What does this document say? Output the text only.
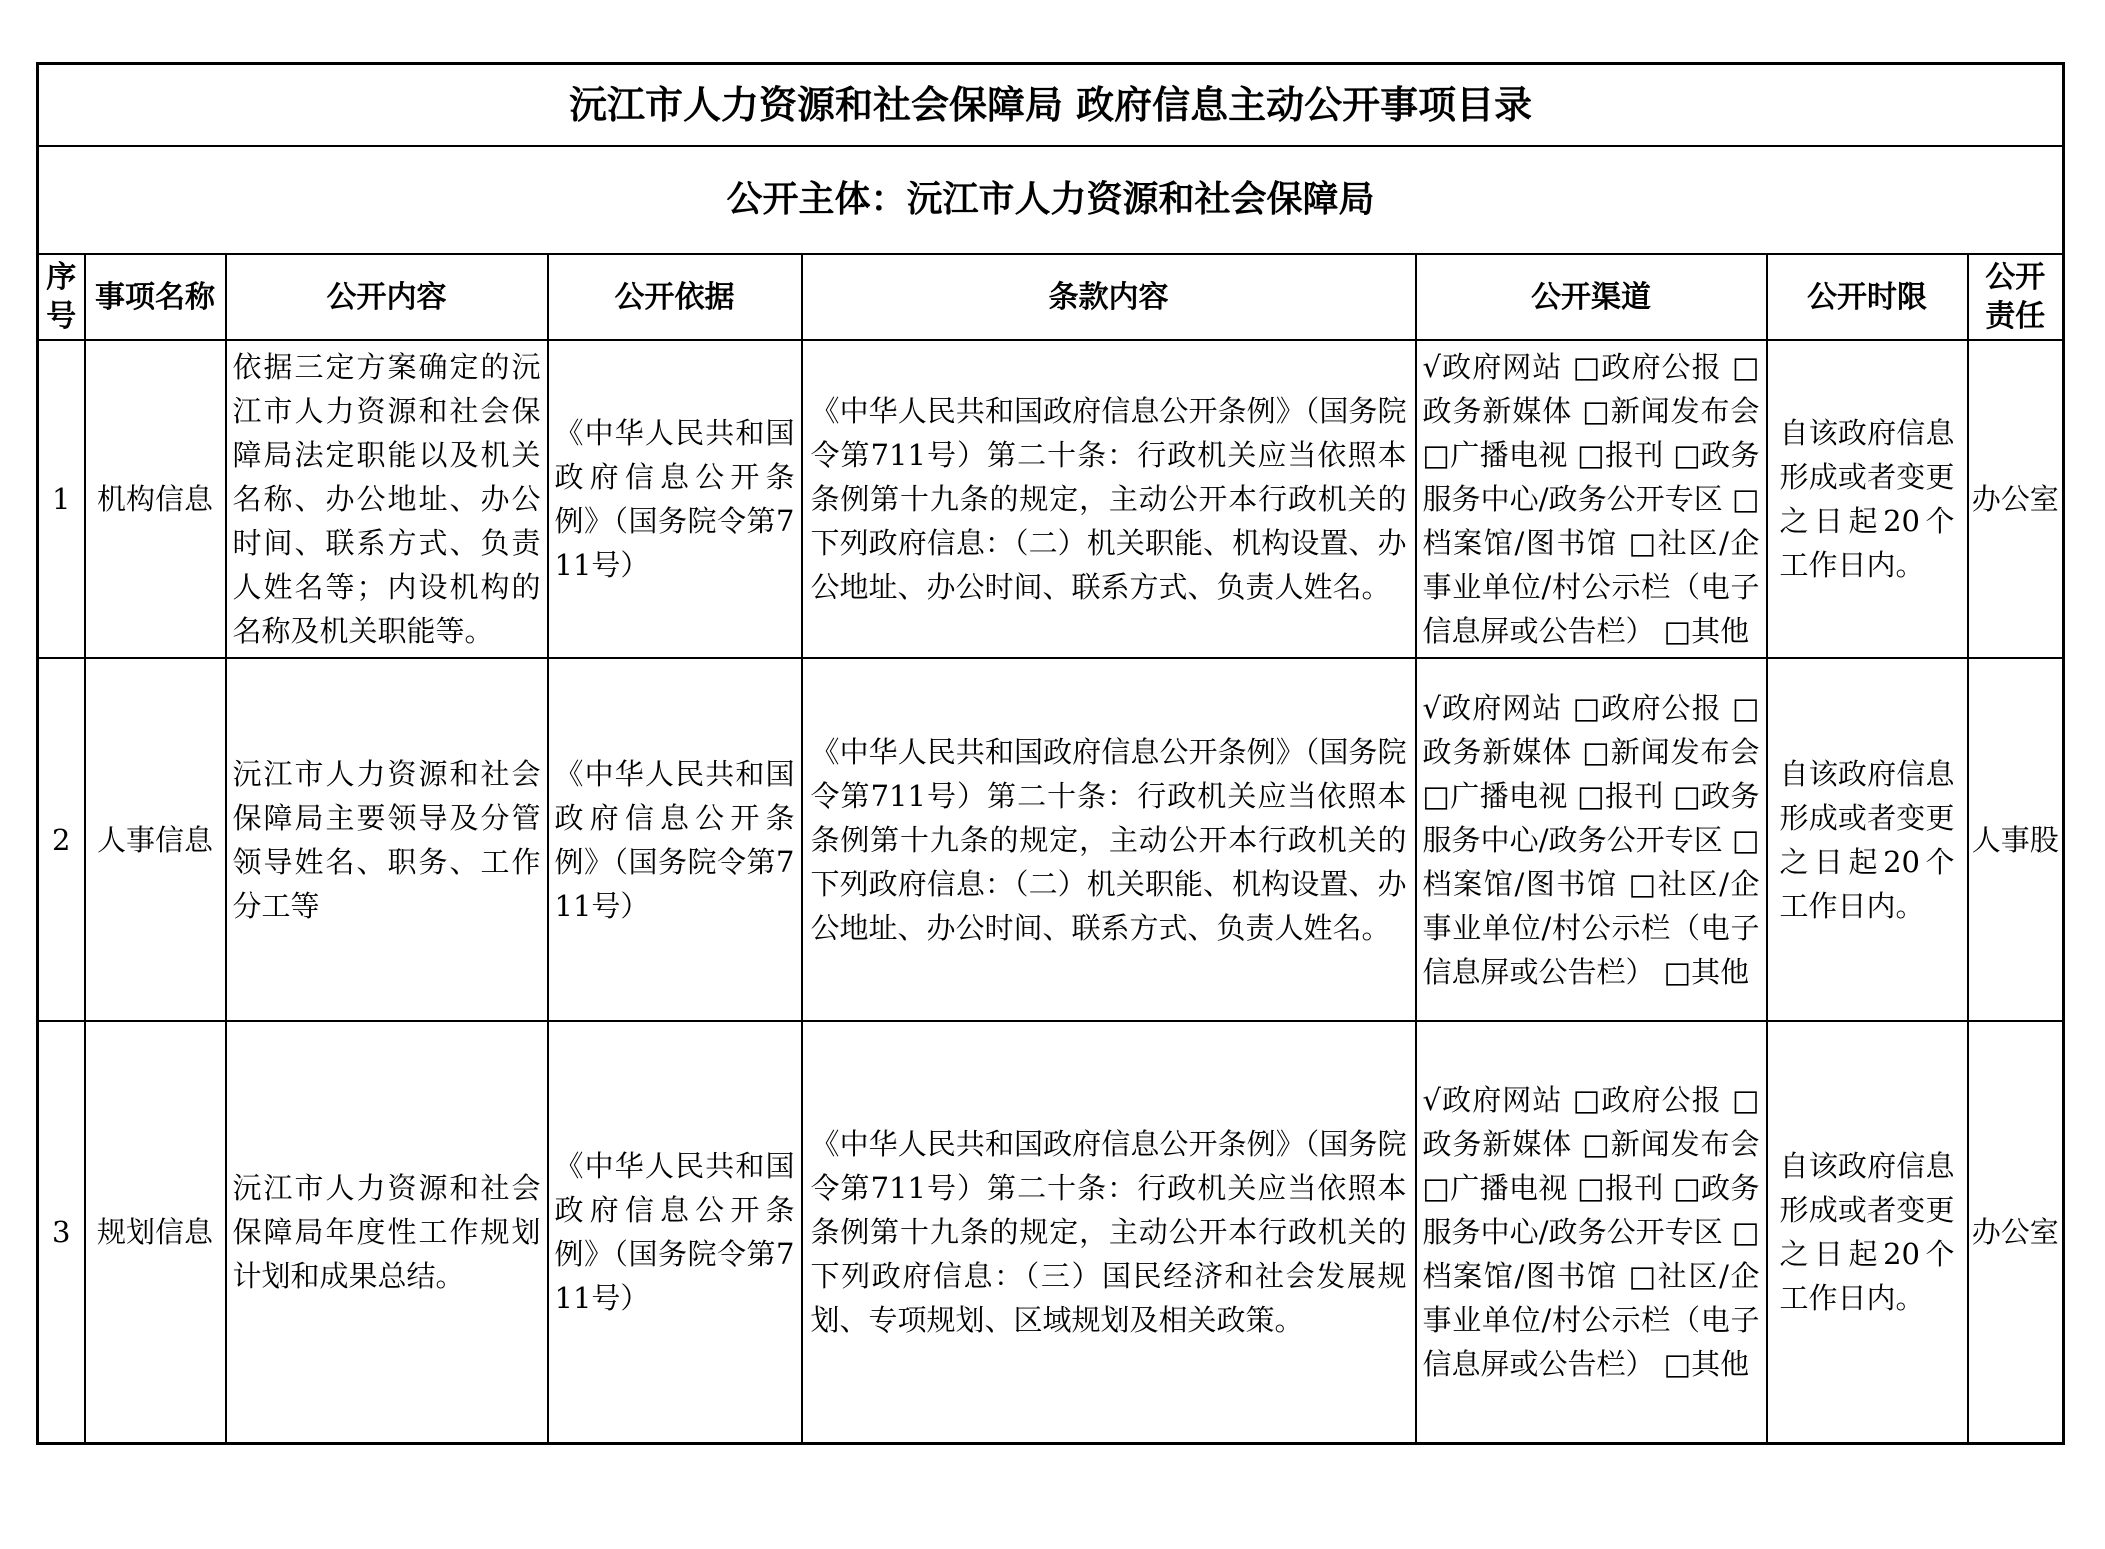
沅江市人力资源和社会保障局 政府信息主动公开事项目录							
公开主体：沅江市人力资源和社会保障局							
序号	事项名称	公开内容	公开依据	条款内容	公开渠道	公开时限	公开责任
1	机构信息	依据三定方案确定的沅江市人力资源和社会保障局法定职能以及机关名称、办公地址、办公时间、联系方式、负责人姓名等；内设机构的名称及机关职能等。	《中华人民共和国政府信息公开条例》（国务院令第711号）	《中华人民共和国政府信息公开条例》（国务院令第711号）第二十条：行政机关应当依照本条例第十九条的规定，主动公开本行政机关的下列政府信息：（二）机关职能、机构设置、办公地址、办公时间、联系方式、负责人姓名。	√政府网站 □政府公报 □政务新媒体 □新闻发布会 □广播电视 □报刊 □政务服务中心/政务公开专区 □档案馆/图书馆 □社区/企事业单位/村公示栏（电子信息屏或公告栏） □其他	自该政府信息形成或者变更之日起20个工作日内。	办公室
2	人事信息	沅江市人力资源和社会保障局主要领导及分管领导姓名、职务、工作分工等	《中华人民共和国政府信息公开条例》（国务院令第711号）	《中华人民共和国政府信息公开条例》（国务院令第711号）第二十条：行政机关应当依照本条例第十九条的规定，主动公开本行政机关的下列政府信息：（二）机关职能、机构设置、办公地址、办公时间、联系方式、负责人姓名。	√政府网站 □政府公报 □政务新媒体 □新闻发布会 □广播电视 □报刊 □政务服务中心/政务公开专区 □档案馆/图书馆 □社区/企事业单位/村公示栏（电子信息屏或公告栏） □其他	自该政府信息形成或者变更之日起20个工作日内。	人事股
3	规划信息	沅江市人力资源和社会保障局年度性工作规划计划和成果总结。	《中华人民共和国政府信息公开条例》（国务院令第711号）	《中华人民共和国政府信息公开条例》（国务院令第711号）第二十条：行政机关应当依照本条例第十九条的规定，主动公开本行政机关的下列政府信息：（三）国民经济和社会发展规划、专项规划、区域规划及相关政策。	√政府网站 □政府公报 □政务新媒体 □新闻发布会 □广播电视 □报刊 □政务服务中心/政务公开专区 □档案馆/图书馆 □社区/企事业单位/村公示栏（电子信息屏或公告栏） □其他	自该政府信息形成或者变更之日起20个工作日内。	办公室
